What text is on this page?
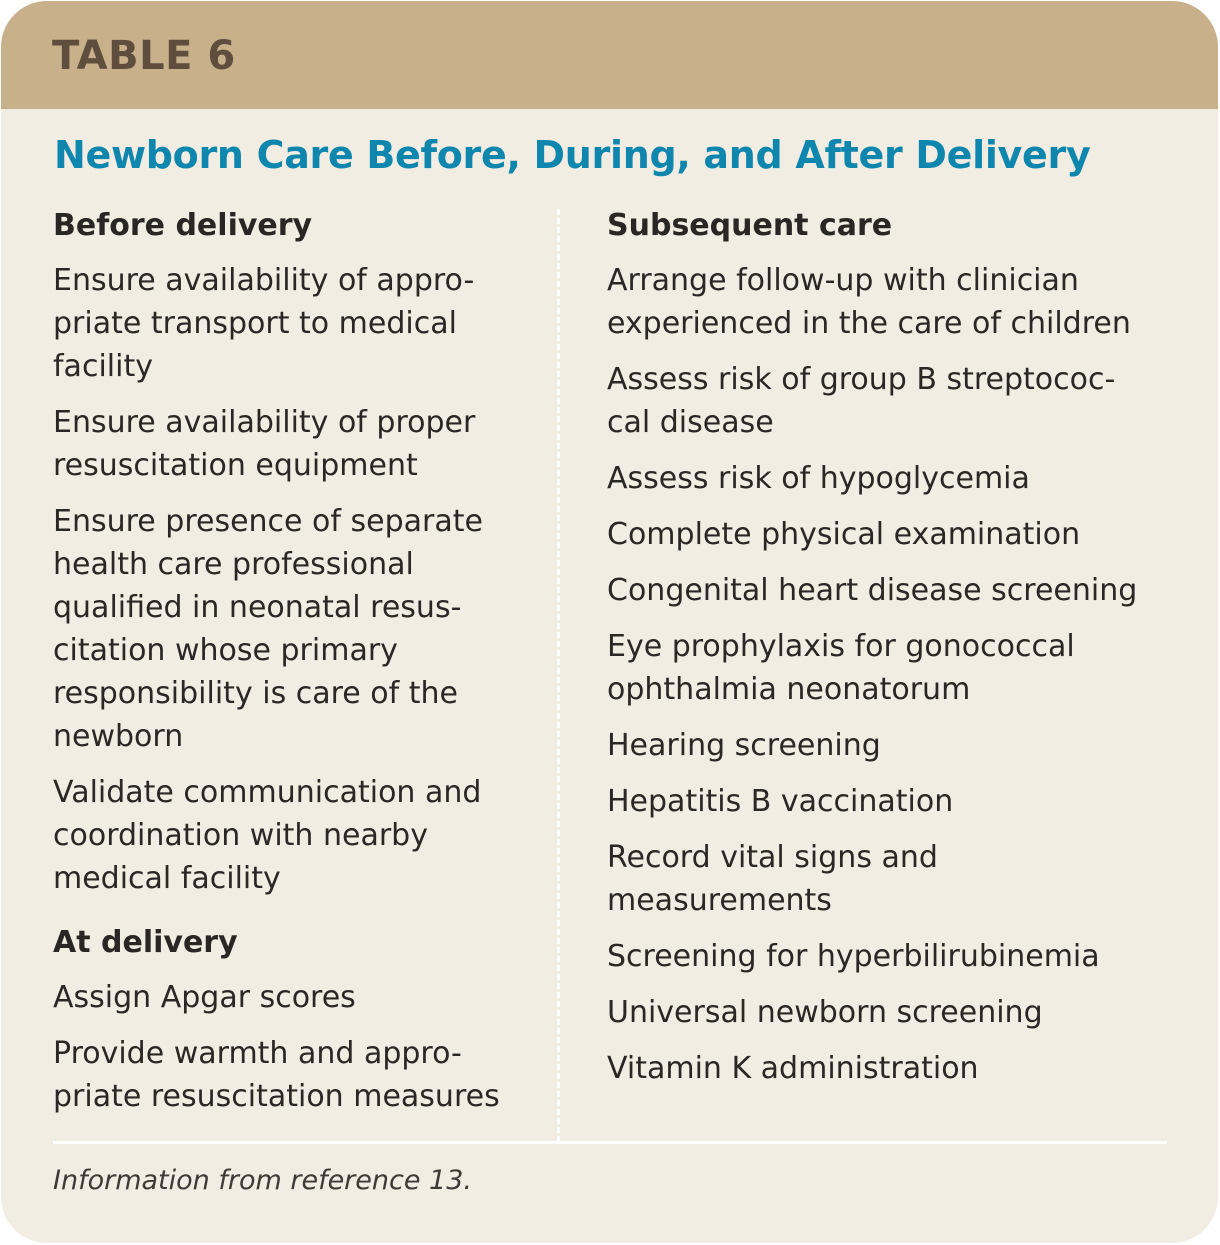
TABLE 6
Newborn Care Before, During, and After Delivery
Before delivery
Ensure availability of appro-
priate transport to medical
facility
Ensure availability of proper
resuscitation equipment
Ensure presence of separate
health care professional
qualified in neonatal resus-
citation whose primary
responsibility is care of the
newborn
Validate communication and
coordination with nearby
medical facility
At delivery
Assign Apgar scores
Provide warmth and appro-
priate resuscitation measures
Subsequent care
Arrange follow-up with clinician
experienced in the care of children
Assess risk of group B streptococ-
cal disease
Assess risk of hypoglycemia
Complete physical examination
Congenital heart disease screening
Eye prophylaxis for gonococcal
ophthalmia neonatorum
Hearing screening
Hepatitis B vaccination
Record vital signs and
measurements
Screening for hyperbilirubinemia
Universal newborn screening
Vitamin K administration
Information from reference 13.
